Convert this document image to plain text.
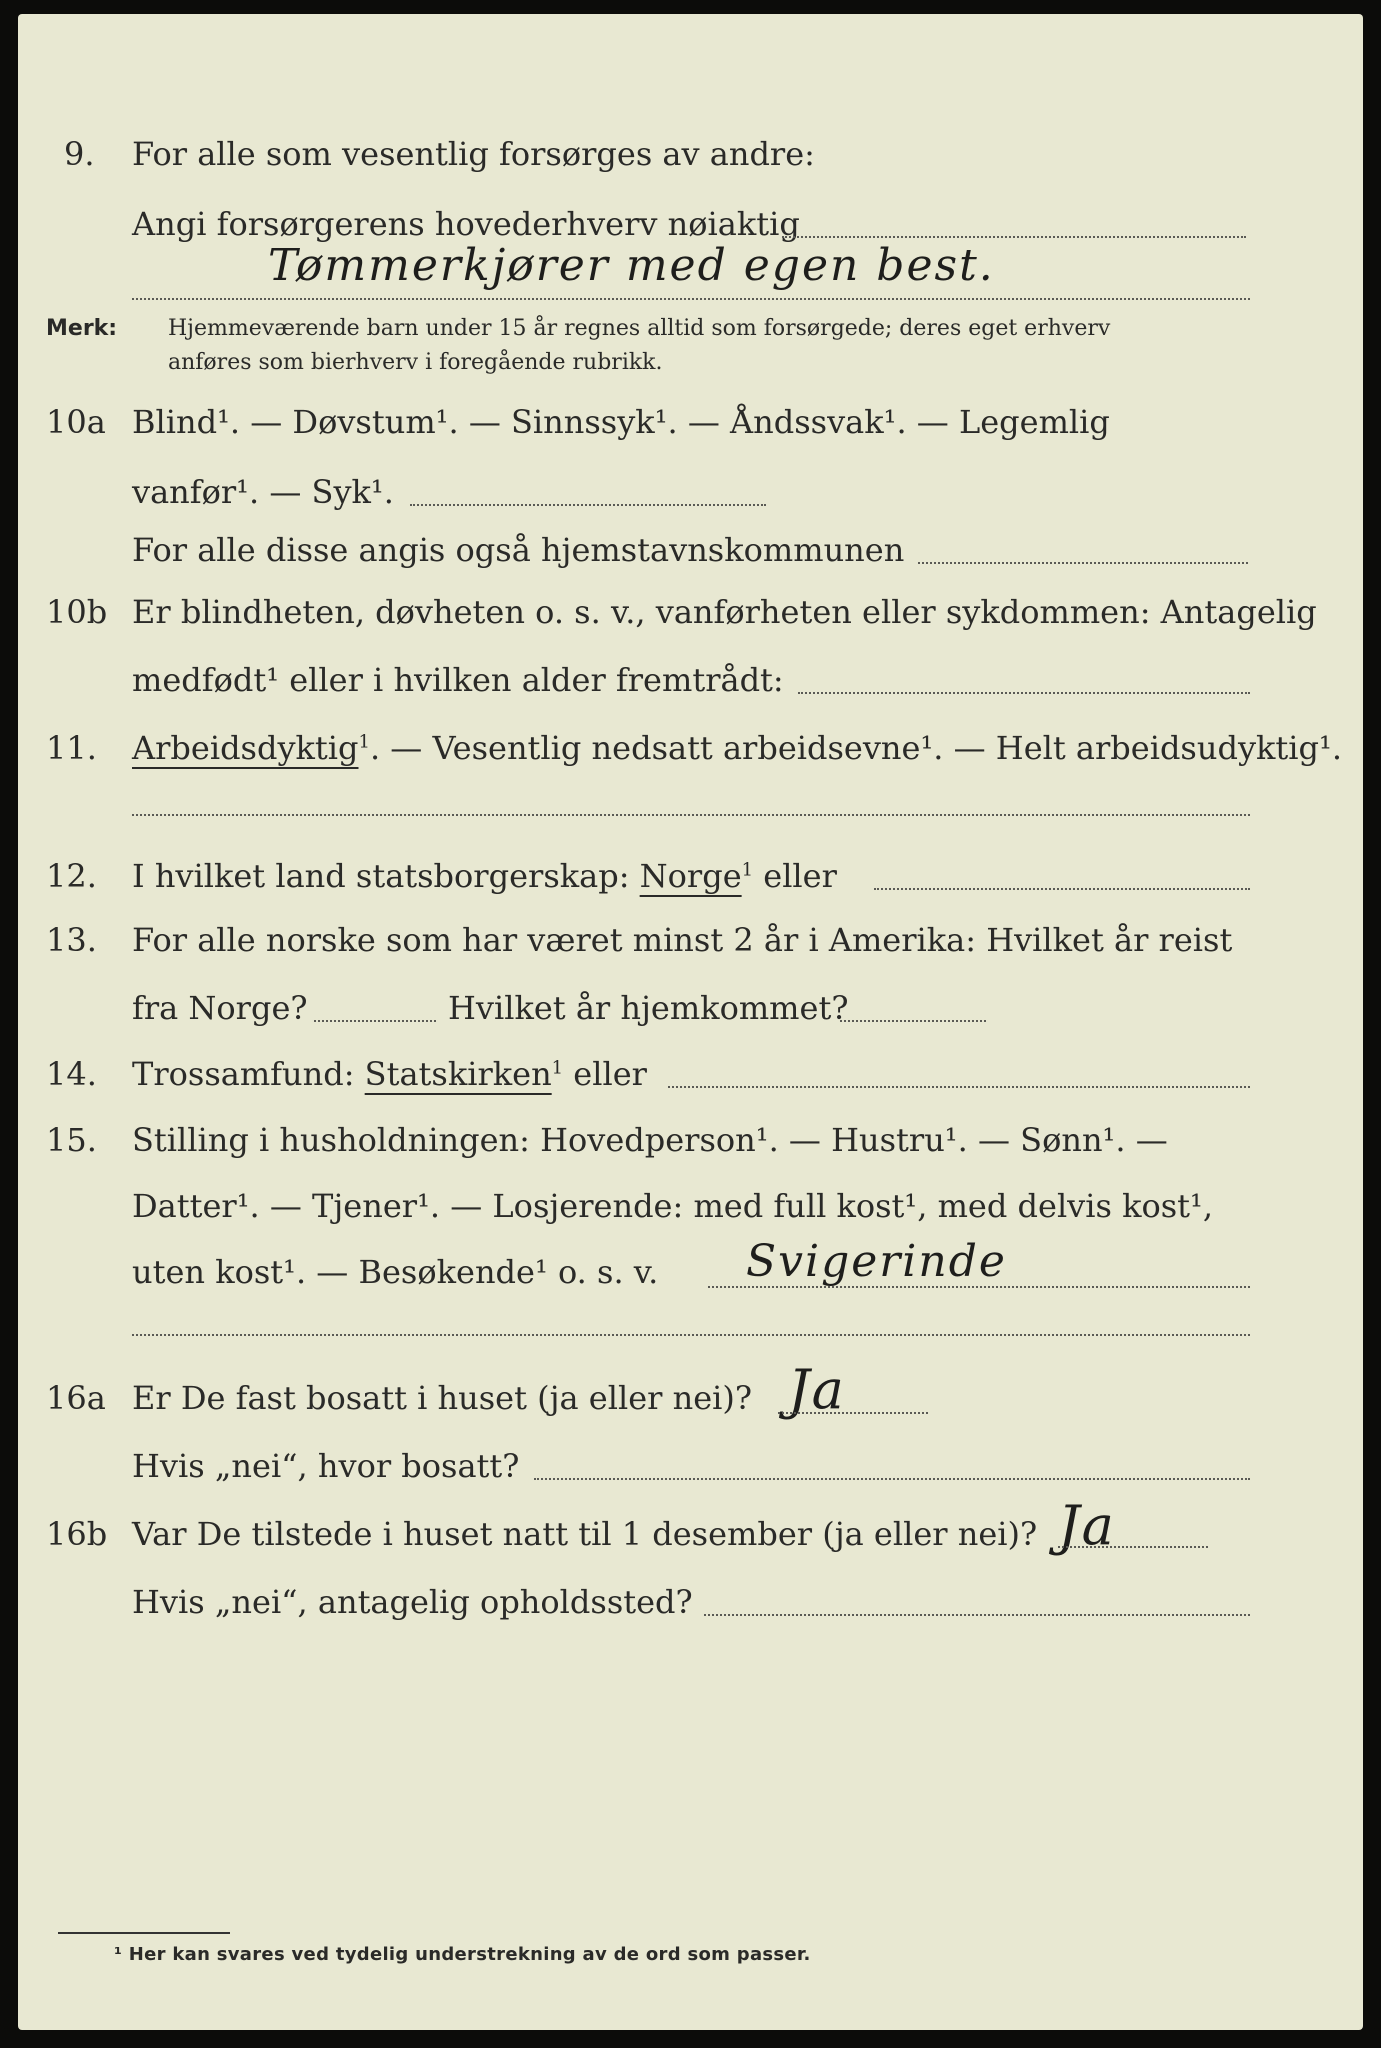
9.	For alle som vesentlig forsørges av andre:
Angi forsørgerens hovederhverv nøiaktig
Tømmerkjører med egen best.
Merk: Hjemmeværende barn under 15 år regnes alltid som forsørgede; deres eget erhverv
anføres som bierhverv i foregående rubrikk.
10a Blind¹. — Døvstum¹. — Sinnssyk¹. — Åndssvak¹. — Legemlig
vanfør¹. — Syk¹.
For alle disse angis også hjemstavnskommunen
10b Er blindheten, døvheten o. s. v., vanførheten eller sykdommen: Antagelig
medfødt¹ eller i hvilken alder fremtrådt:
11.	Arbeidsdyktig$^1$. — Vesentlig nedsatt arbeidsevne¹. — Helt arbeidsudyktig¹.
12.	I hvilket land statsborgerskap: Norge$^1$ eller
13.	For alle norske som har været minst 2 år i Amerika: Hvilket år reist
fra Norge?	Hvilket år hjemkommet?
14.	Trossamfund: Statskirken$^1$ eller
15.	Stilling i husholdningen: Hovedperson¹. — Hustru¹. — Sønn¹. —
Datter¹. — Tjener¹. — Losjerende: med full kost¹, med delvis kost¹,
uten kost¹. — Besøkende¹ o. s. v. Svigerinde
16a Er De fast bosatt i huset (ja eller nei)? Ja
Hvis „nei“, hvor bosatt?
16b Var De tilstede i huset natt til 1 desember (ja eller nei)? Ja
Hvis „nei“, antagelig opholdssted?
¹ Her kan svares ved tydelig understrekning av de ord som passer.
